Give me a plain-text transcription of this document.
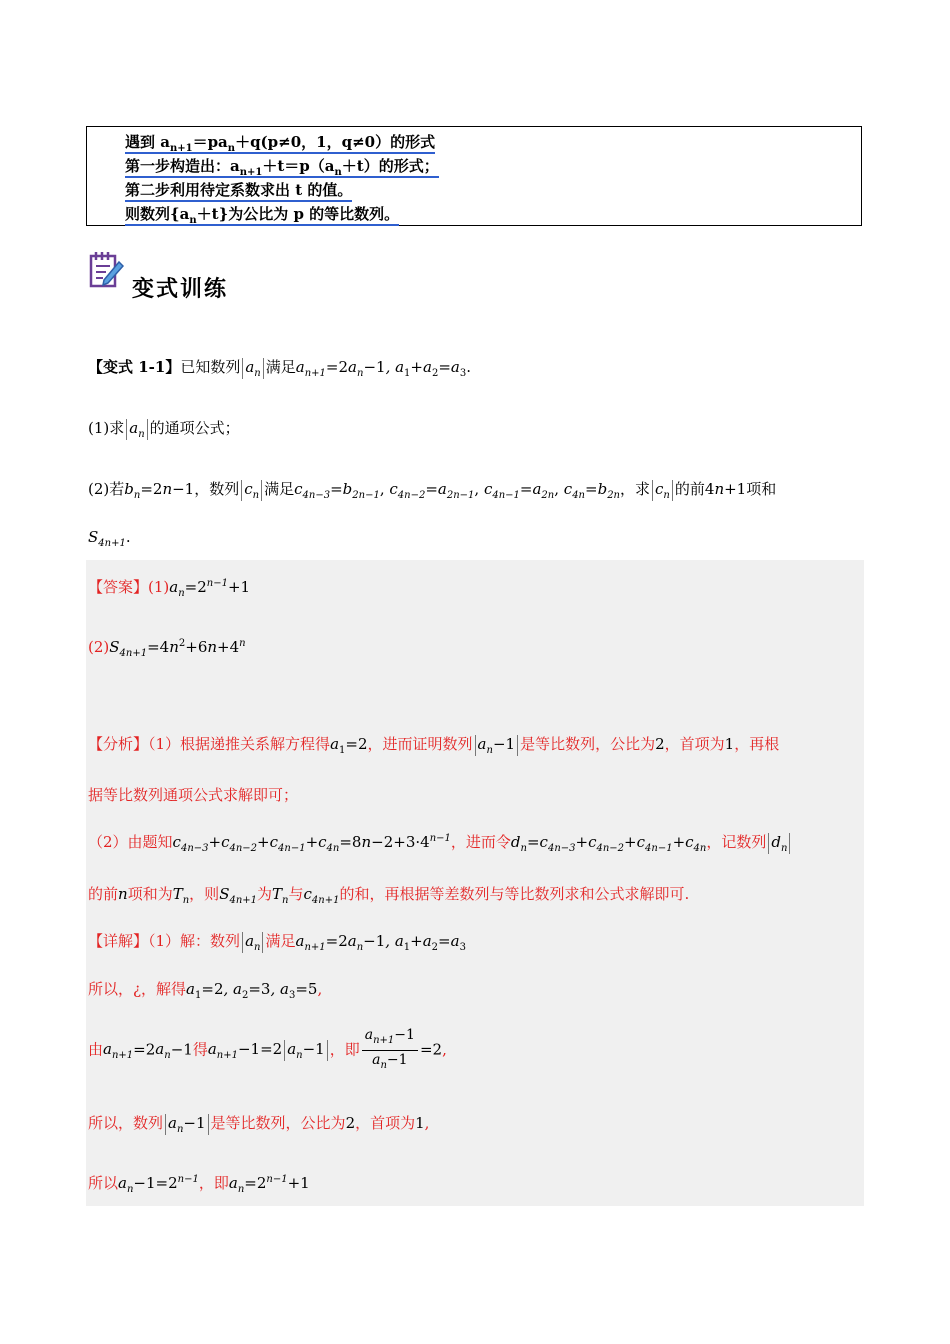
遇到 $a_{n+1}=pa_n+q(p\ne 0$，1，q≠0）的形式
第一步构造出：$a_{n+1}+t=p(a_n+t)$的形式；
第二步利用待定系数求出 t 的值。
则数列$\{a_n+t\}$为公比为 p 的等比数列。
变式训练
【变式 1-1】已知数列 $a_n$ 满足$a_{n+1}=2a_n-1$, $a_1+a_2=a_3$.
(1)求 $a_n$ 的通项公式；
(2)若$b_n=2n-1$，数列 $c_n$ 满足$c_{4n-3}=b_{2n-1}$, $c_{4n-2}=a_{2n-1}$, $c_{4n-1}=a_{2n}$, $c_{4n}=b_{2n}$，求 $c_n$ 的前4n+1项和
$S_{4n+1}$.
【答案】$(1)a_n=2^{n-1}+1$
$(2)S_{4n+1}=4n^2+6n+4^n$
【分析】（1）根据递推关系解方程得$a_1=2$，进而证明数列 $a_n-1$ 是等比数列，公比为2，首项为1，再根
据等比数列通项公式求解即可；
（2）由题知$c_{4n-3}+c_{4n-2}+c_{4n-1}+c_{4n}=8n-2+3\cdot 4^{n-1}$，进而令$d_n=c_{4n-3}+c_{4n-2}+c_{4n-1}+c_{4n}$，记数列 $d_n$
的前n项和为$T_n$，则$S_{4n+1}$为$T_n$与$c_{4n+1}$的和，再根据等差数列与等比数列求和公式求解即可.
【详解】（1）解：数列 $a_n$ 满足$a_{n+1}=2a_n-1$, $a_1+a_2=a_3$
所以，¿，解得$a_1=2$, $a_2=3$, $a_3=5$,
由$a_{n+1}=2a_n-1$得$a_{n+1}-1=2$ $a_n-1$ ，即 $\frac{a_{n+1}-1}{a_n-1} =2$,
所以，数列 $a_n-1$ 是等比数列，公比为2，首项为1,
所以$a_n-1=2^{n-1}$，即$a_n=2^{n-1}+1$
